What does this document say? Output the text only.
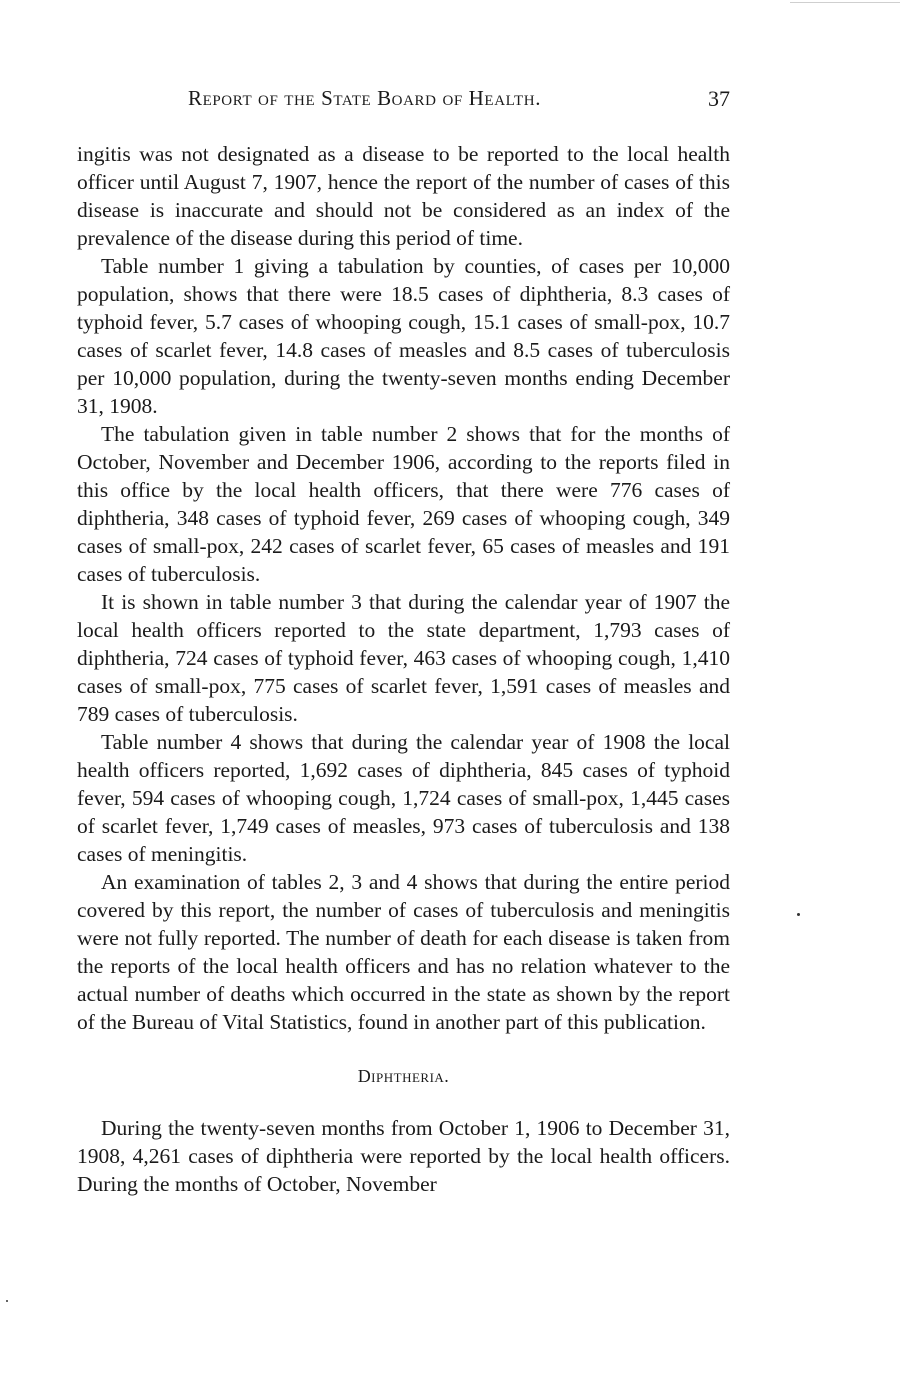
Report of the State Board of Health.	37

ingitis was not designated as a disease to be reported to the local health officer until August 7, 1907, hence the report of the number of cases of this disease is inaccurate and should not be considered as an index of the prevalence of the disease during this period of time.

Table number 1 giving a tabulation by counties, of cases per 10,000 population, shows that there were 18.5 cases of diphtheria, 8.3 cases of typhoid fever, 5.7 cases of whooping cough, 15.1 cases of small-pox, 10.7 cases of scarlet fever, 14.8 cases of measles and 8.5 cases of tuberculosis per 10,000 population, during the twenty-seven months ending December 31, 1908.

The tabulation given in table number 2 shows that for the months of October, November and December 1906, according to the reports filed in this office by the local health officers, that there were 776 cases of diphtheria, 348 cases of typhoid fever, 269 cases of whooping cough, 349 cases of small-pox, 242 cases of scarlet fever, 65 cases of measles and 191 cases of tuberculosis.

It is shown in table number 3 that during the calendar year of 1907 the local health officers reported to the state department, 1,793 cases of diphtheria, 724 cases of typhoid fever, 463 cases of whooping cough, 1,410 cases of small-pox, 775 cases of scarlet fever, 1,591 cases of measles and 789 cases of tuberculosis.

Table number 4 shows that during the calendar year of 1908 the local health officers reported, 1,692 cases of diphtheria, 845 cases of typhoid fever, 594 cases of whooping cough, 1,724 cases of small-pox, 1,445 cases of scarlet fever, 1,749 cases of measles, 973 cases of tuberculosis and 138 cases of meningitis.

An examination of tables 2, 3 and 4 shows that during the entire period covered by this report, the number of cases of tuberculosis and meningitis were not fully reported. The number of death for each disease is taken from the reports of the local health officers and has no relation whatever to the actual number of deaths which occurred in the state as shown by the report of the Bureau of Vital Statistics, found in another part of this publication.

Diphtheria.

During the twenty-seven months from October 1, 1906 to December 31, 1908, 4,261 cases of diphtheria were reported by the local health officers. During the months of October, November
